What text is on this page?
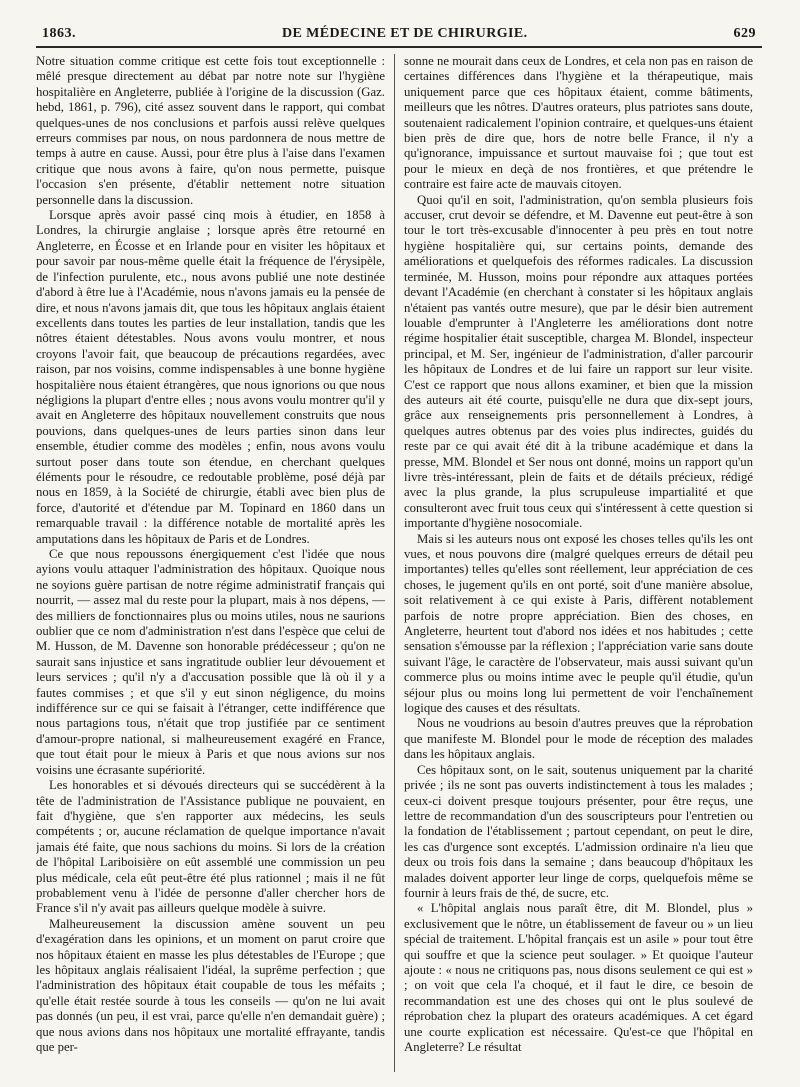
1863.	DE MÉDECINE ET DE CHIRURGIE.	629

Notre situation comme critique est cette fois tout exceptionnelle : mêlé presque directement au débat par notre note sur l'hygiène hospitalière en Angleterre, publiée à l'origine de la discussion (Gaz. hebd, 1861, p. 796), cité assez souvent dans le rapport, qui combat quelques-unes de nos conclusions et parfois aussi relève quelques erreurs commises par nous, on nous pardonnera de nous mettre de temps à autre en cause. Aussi, pour être plus à l'aise dans l'examen critique que nous avons à faire, qu'on nous permette, puisque l'occasion s'en présente, d'établir nettement notre situation personnelle dans la discussion.

Lorsque après avoir passé cinq mois à étudier, en 1858 à Londres, la chirurgie anglaise ; lorsque après être retourné en Angleterre, en Écosse et en Irlande pour en visiter les hôpitaux et pour savoir par nous-même quelle était la fréquence de l'érysipèle, de l'infection purulente, etc., nous avons publié une note destinée d'abord à être lue à l'Académie, nous n'avons jamais eu la pensée de dire, et nous n'avons jamais dit, que tous les hôpitaux anglais étaient excellents dans toutes les parties de leur installation, tandis que les nôtres étaient détestables. Nous avons voulu montrer, et nous croyons l'avoir fait, que beaucoup de précautions regardées, avec raison, par nos voisins, comme indispensables à une bonne hygiène hospitalière nous étaient étrangères, que nous ignorions ou que nous négligions la plupart d'entre elles ; nous avons voulu montrer qu'il y avait en Angleterre des hôpitaux nouvellement construits que nous pouvions, dans quelques-unes de leurs parties sinon dans leur ensemble, étudier comme des modèles ; enfin, nous avons voulu surtout poser dans toute son étendue, en cherchant quelques éléments pour le résoudre, ce redoutable problème, posé déjà par nous en 1859, à la Société de chirurgie, établi avec bien plus de force, d'autorité et d'étendue par M. Topinard en 1860 dans un remarquable travail : la différence notable de mortalité après les amputations dans les hôpitaux de Paris et de Londres.

Ce que nous repoussons énergiquement c'est l'idée que nous ayions voulu attaquer l'administration des hôpitaux. Quoique nous ne soyions guère partisan de notre régime administratif français qui nourrit, — assez mal du reste pour la plupart, mais à nos dépens, — des milliers de fonctionnaires plus ou moins utiles, nous ne saurions oublier que ce nom d'administration n'est dans l'espèce que celui de M. Husson, de M. Davenne son honorable prédécesseur ; qu'on ne saurait sans injustice et sans ingratitude oublier leur dévouement et leurs services ; qu'il n'y a d'accusation possible que là où il y a fautes commises ; et que s'il y eut sinon négligence, du moins indifférence sur ce qui se faisait à l'étranger, cette indifférence que nous partagions tous, n'était que trop justifiée par ce sentiment d'amour-propre national, si malheureusement exagéré en France, que tout était pour le mieux à Paris et que nous avions sur nos voisins une écrasante supériorité.

Les honorables et si dévoués directeurs qui se succédèrent à la tête de l'administration de l'Assistance publique ne pouvaient, en fait d'hygiène, que s'en rapporter aux médecins, les seuls compétents ; or, aucune réclamation de quelque importance n'avait jamais été faite, que nous sachions du moins. Si lors de la création de l'hôpital Lariboisière on eût assemblé une commission un peu plus médicale, cela eût peut-être été plus rationnel ; mais il ne fût probablement venu à l'idée de personne d'aller chercher hors de France s'il n'y avait pas ailleurs quelque modèle à suivre.

Malheureusement la discussion amène souvent un peu d'exagération dans les opinions, et un moment on parut croire que nos hôpitaux étaient en masse les plus détestables de l'Europe ; que les hôpitaux anglais réalisaient l'idéal, la suprême perfection ; que l'administration des hôpitaux était coupable de tous les méfaits ; qu'elle était restée sourde à tous les conseils — qu'on ne lui avait pas donnés (un peu, il est vrai, parce qu'elle n'en demandait guère) ; que nous avions dans nos hôpitaux une mortalité effrayante, tandis que per-

sonne ne mourait dans ceux de Londres, et cela non pas en raison de certaines différences dans l'hygiène et la thérapeutique, mais uniquement parce que ces hôpitaux étaient, comme bâtiments, meilleurs que les nôtres. D'autres orateurs, plus patriotes sans doute, soutenaient radicalement l'opinion contraire, et quelques-uns étaient bien près de dire que, hors de notre belle France, il n'y a qu'ignorance, impuissance et surtout mauvaise foi ; que tout est pour le mieux en deçà de nos frontières, et que prétendre le contraire est faire acte de mauvais citoyen.

Quoi qu'il en soit, l'administration, qu'on sembla plusieurs fois accuser, crut devoir se défendre, et M. Davenne eut peut-être à son tour le tort très-excusable d'innocenter à peu près en tout notre hygiène hospitalière qui, sur certains points, demande des améliorations et quelquefois des réformes radicales. La discussion terminée, M. Husson, moins pour répondre aux attaques portées devant l'Académie (en cherchant à constater si les hôpitaux anglais n'étaient pas vantés outre mesure), que par le désir bien autrement louable d'emprunter à l'Angleterre les améliorations dont notre régime hospitalier était susceptible, chargea M. Blondel, inspecteur principal, et M. Ser, ingénieur de l'administration, d'aller parcourir les hôpitaux de Londres et de lui faire un rapport sur leur visite. C'est ce rapport que nous allons examiner, et bien que la mission des auteurs ait été courte, puisqu'elle ne dura que dix-sept jours, grâce aux renseignements pris personnellement à Londres, à quelques autres obtenus par des voies plus indirectes, guidés du reste par ce qui avait été dit à la tribune académique et dans la presse, MM. Blondel et Ser nous ont donné, moins un rapport qu'un livre très-intéressant, plein de faits et de détails précieux, rédigé avec la plus grande, la plus scrupuleuse impartialité et que consulteront avec fruit tous ceux qui s'intéressent à cette question si importante d'hygiène nosocomiale.

Mais si les auteurs nous ont exposé les choses telles qu'ils les ont vues, et nous pouvons dire (malgré quelques erreurs de détail peu importantes) telles qu'elles sont réellement, leur appréciation de ces choses, le jugement qu'ils en ont porté, soit d'une manière absolue, soit relativement à ce qui existe à Paris, diffèrent notablement parfois de notre propre appréciation. Bien des choses, en Angleterre, heurtent tout d'abord nos idées et nos habitudes ; cette sensation s'émousse par la réflexion ; l'appréciation varie sans doute suivant l'âge, le caractère de l'observateur, mais aussi suivant qu'un commerce plus ou moins intime avec le peuple qu'il étudie, qu'un séjour plus ou moins long lui permettent de voir l'enchaînement logique des causes et des résultats.

Nous ne voudrions au besoin d'autres preuves que la réprobation que manifeste M. Blondel pour le mode de réception des malades dans les hôpitaux anglais.

Ces hôpitaux sont, on le sait, soutenus uniquement par la charité privée ; ils ne sont pas ouverts indistinctement à tous les malades ; ceux-ci doivent presque toujours présenter, pour être reçus, une lettre de recommandation d'un des souscripteurs pour l'entretien ou la fondation de l'établissement ; partout cependant, on peut le dire, les cas d'urgence sont exceptés. L'admission ordinaire n'a lieu que deux ou trois fois dans la semaine ; dans beaucoup d'hôpitaux les malades doivent apporter leur linge de corps, quelquefois même se fournir à leurs frais de thé, de sucre, etc.

« L'hôpital anglais nous paraît être, dit M. Blondel, plus » exclusivement que le nôtre, un établissement de faveur ou » un lieu spécial de traitement. L'hôpital français est un asile » pour tout être qui souffre et que la science peut soulager. » Et quoique l'auteur ajoute : « nous ne critiquons pas, nous disons seulement ce qui est » ; on voit que cela l'a choqué, et il faut le dire, ce besoin de recommandation est une des choses qui ont le plus soulevé de réprobation chez la plupart des orateurs académiques. A cet égard une courte explication est nécessaire. Qu'est-ce que l'hôpital en Angleterre? Le résultat
